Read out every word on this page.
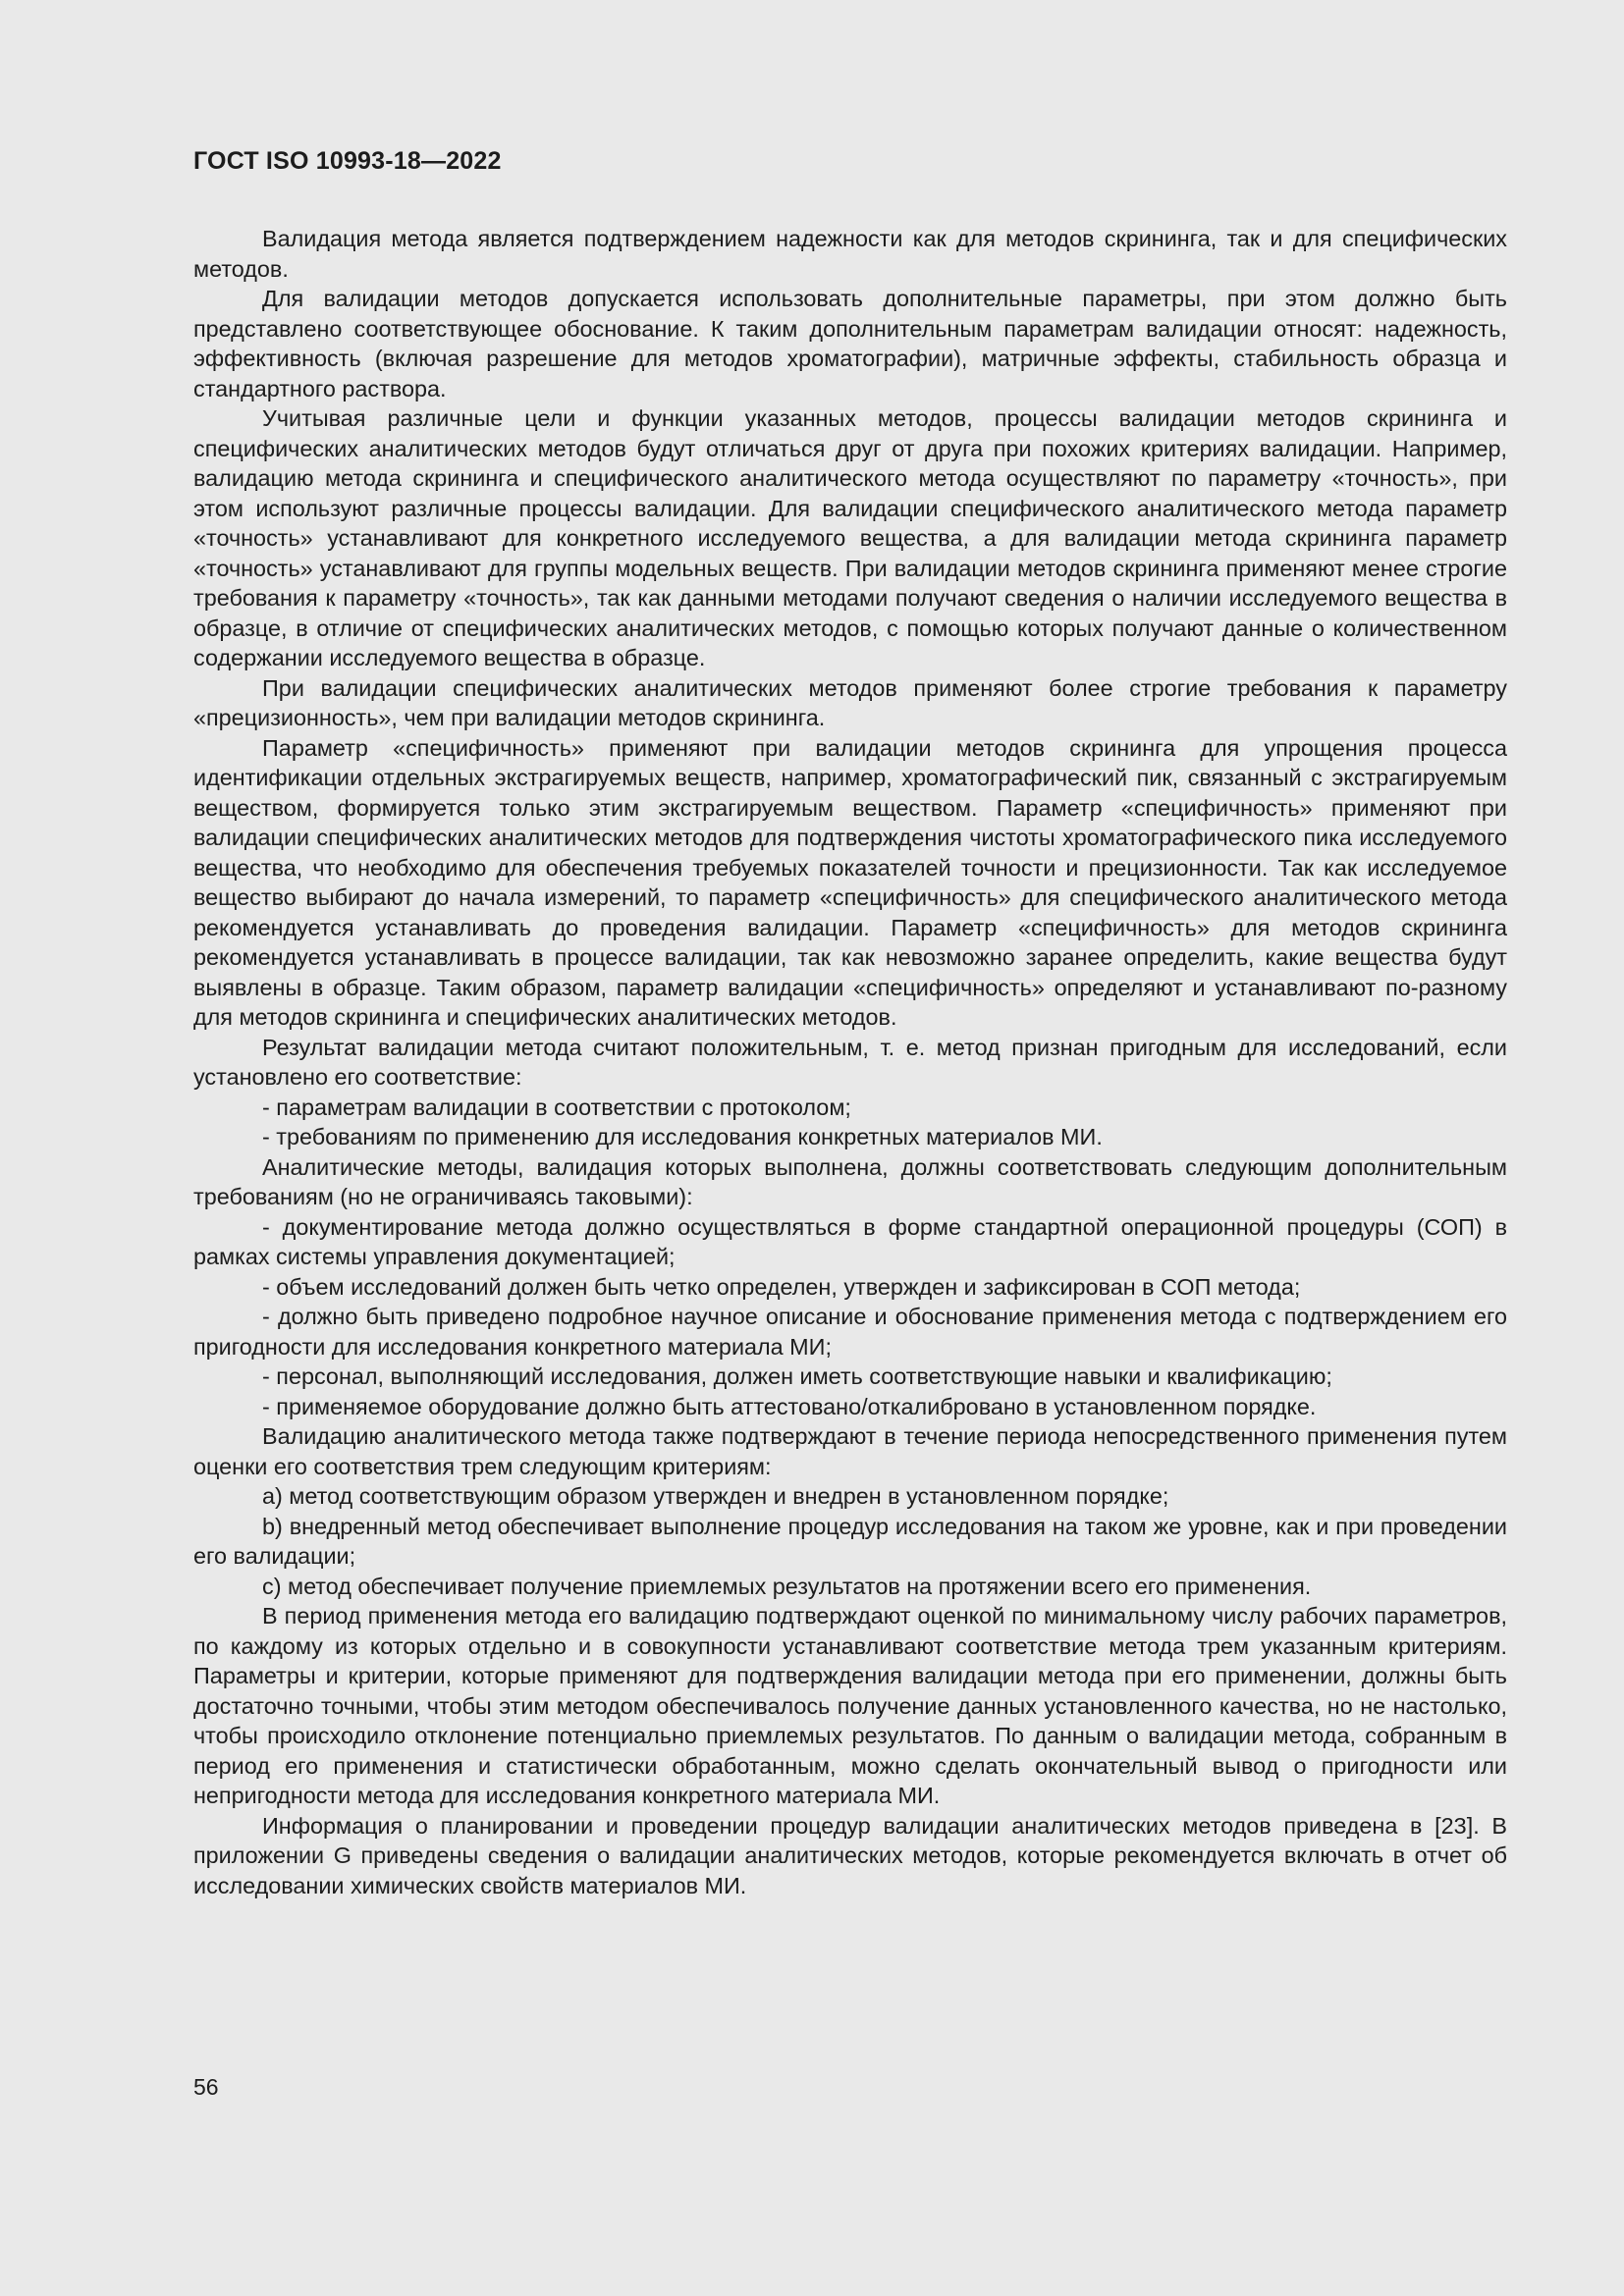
ГОСТ ISO 10993-18—2022

Валидация метода является подтверждением надежности как для методов скрининга, так и для специфических методов.

Для валидации методов допускается использовать дополнительные параметры, при этом должно быть представлено соответствующее обоснование. К таким дополнительным параметрам валидации относят: надежность, эффективность (включая разрешение для методов хроматографии), матричные эффекты, стабильность образца и стандартного раствора.

Учитывая различные цели и функции указанных методов, процессы валидации методов скрининга и специфических аналитических методов будут отличаться друг от друга при похожих критериях валидации. Например, валидацию метода скрининга и специфического аналитического метода осуществляют по параметру «точность», при этом используют различные процессы валидации. Для валидации специфического аналитического метода параметр «точность» устанавливают для конкретного исследуемого вещества, а для валидации метода скрининга параметр «точность» устанавливают для группы модельных веществ. При валидации методов скрининга применяют менее строгие требования к параметру «точность», так как данными методами получают сведения о наличии исследуемого вещества в образце, в отличие от специфических аналитических методов, с помощью которых получают данные о количественном содержании исследуемого вещества в образце.

При валидации специфических аналитических методов применяют более строгие требования к параметру «прецизионность», чем при валидации методов скрининга.

Параметр «специфичность» применяют при валидации методов скрининга для упрощения процесса идентификации отдельных экстрагируемых веществ, например, хроматографический пик, связанный с экстрагируемым веществом, формируется только этим экстрагируемым веществом. Параметр «специфичность» применяют при валидации специфических аналитических методов для подтверждения чистоты хроматографического пика исследуемого вещества, что необходимо для обеспечения требуемых показателей точности и прецизионности. Так как исследуемое вещество выбирают до начала измерений, то параметр «специфичность» для специфического аналитического метода рекомендуется устанавливать до проведения валидации. Параметр «специфичность» для методов скрининга рекомендуется устанавливать в процессе валидации, так как невозможно заранее определить, какие вещества будут выявлены в образце. Таким образом, параметр валидации «специфичность» определяют и устанавливают по-разному для методов скрининга и специфических аналитических методов.

Результат валидации метода считают положительным, т. е. метод признан пригодным для исследований, если установлено его соответствие:

- параметрам валидации в соответствии с протоколом;

- требованиям по применению для исследования конкретных материалов МИ.

Аналитические методы, валидация которых выполнена, должны соответствовать следующим дополнительным требованиям (но не ограничиваясь таковыми):

- документирование метода должно осуществляться в форме стандартной операционной процедуры (СОП) в рамках системы управления документацией;

- объем исследований должен быть четко определен, утвержден и зафиксирован в СОП метода;

- должно быть приведено подробное научное описание и обоснование применения метода с подтверждением его пригодности для исследования конкретного материала МИ;

- персонал, выполняющий исследования, должен иметь соответствующие навыки и квалификацию;

- применяемое оборудование должно быть аттестовано/откалибровано в установленном порядке.

Валидацию аналитического метода также подтверждают в течение периода непосредственного применения путем оценки его соответствия трем следующим критериям:

a) метод соответствующим образом утвержден и внедрен в установленном порядке;

b) внедренный метод обеспечивает выполнение процедур исследования на таком же уровне, как и при проведении его валидации;

c) метод обеспечивает получение приемлемых результатов на протяжении всего его применения.

В период применения метода его валидацию подтверждают оценкой по минимальному числу рабочих параметров, по каждому из которых отдельно и в совокупности устанавливают соответствие метода трем указанным критериям. Параметры и критерии, которые применяют для подтверждения валидации метода при его применении, должны быть достаточно точными, чтобы этим методом обеспечивалось получение данных установленного качества, но не настолько, чтобы происходило отклонение потенциально приемлемых результатов. По данным о валидации метода, собранным в период его применения и статистически обработанным, можно сделать окончательный вывод о пригодности или непригодности метода для исследования конкретного материала МИ.

Информация о планировании и проведении процедур валидации аналитических методов приведена в [23]. В приложении G приведены сведения о валидации аналитических методов, которые рекомендуется включать в отчет об исследовании химических свойств материалов МИ.

56
